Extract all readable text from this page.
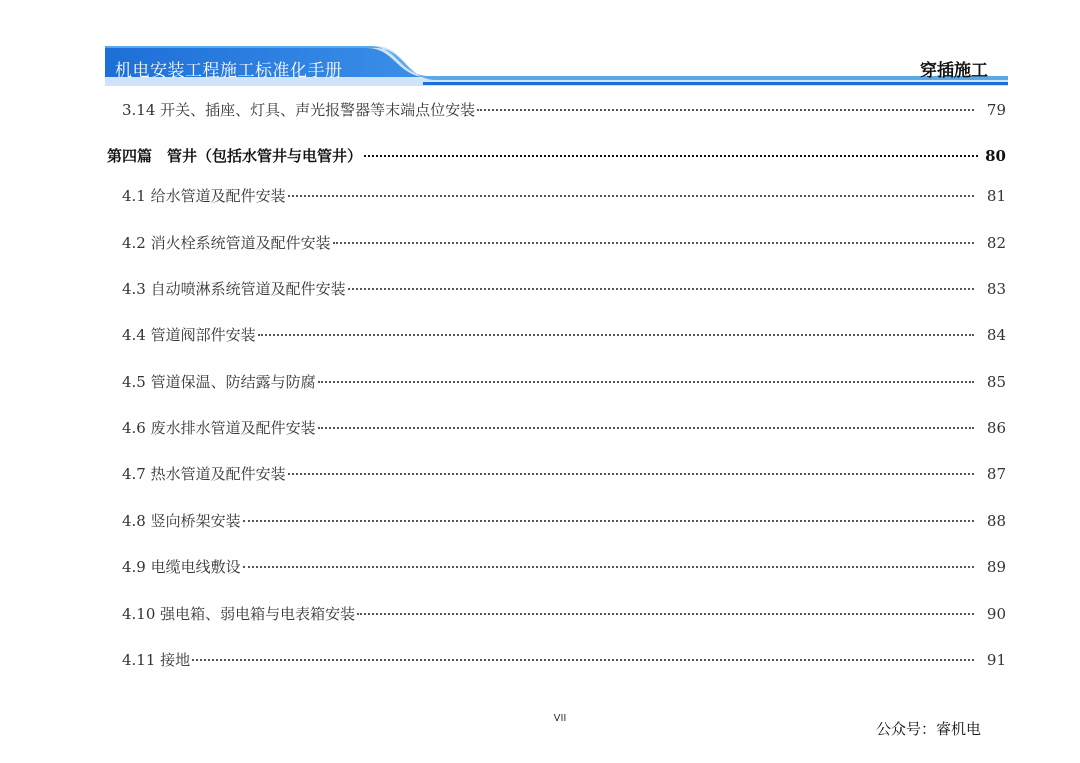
机电安装工程施工标准化手册	穿插施工
3.14 开关、插座、灯具、声光报警器等末端点位安装	79
第四篇　管井（包括水管井与电管井）	80
4.1 给水管道及配件安装	81
4.2 消火栓系统管道及配件安装	82
4.3 自动喷淋系统管道及配件安装	83
4.4 管道阀部件安装	84
4.5 管道保温、防结露与防腐	85
4.6 废水排水管道及配件安装	86
4.7 热水管道及配件安装	87
4.8 竖向桥架安装	88
4.9 电缆电线敷设	89
4.10 强电箱、弱电箱与电表箱安装	90
4.11 接地	91
VII
公众号：睿机电
